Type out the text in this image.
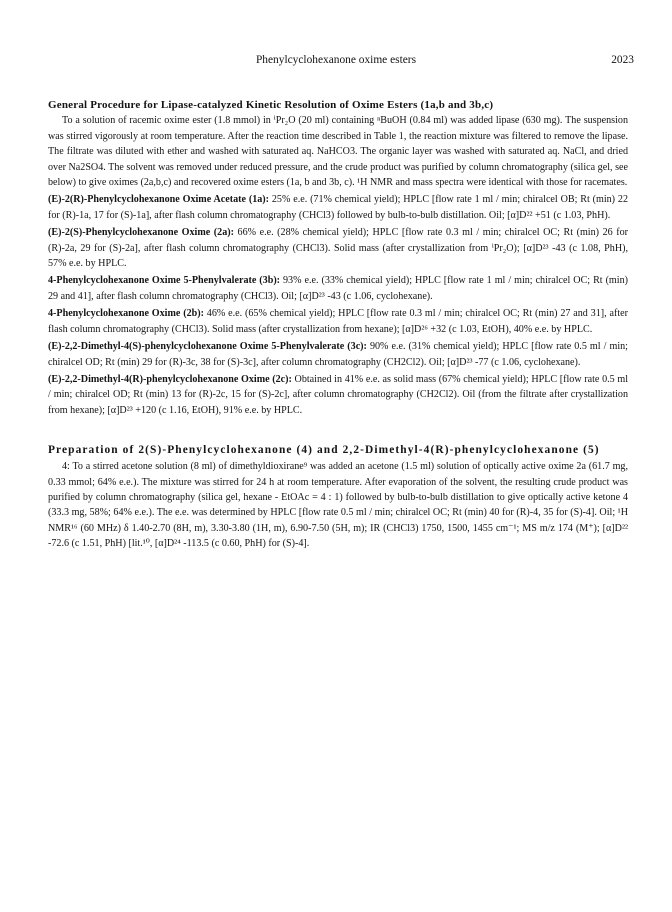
Phenylcyclohexanone oxime esters	2023

General Procedure for Lipase-catalyzed Kinetic Resolution of Oxime Esters (1a,b and 3b,c)

To a solution of racemic oxime ester (1.8 mmol) in ⁱPr₂O (20 ml) containing ⁿBuOH (0.84 ml) was added lipase (630 mg). The suspension was stirred vigorously at room temperature. After the reaction time described in Table 1, the reaction mixture was filtered to remove the lipase. The filtrate was diluted with ether and washed with saturated aq. NaHCO3. The organic layer was washed with saturated aq. NaCl, and dried over Na2SO4. The solvent was removed under reduced pressure, and the crude product was purified by column chromatography (silica gel, see below) to give oximes (2a,b,c) and recovered oxime esters (1a, b and 3b, c). ¹H NMR and mass spectra were identical with those for racemates.

(E)-2(R)-Phenylcyclohexanone Oxime Acetate (1a): 25% e.e. (71% chemical yield); HPLC [flow rate 1 ml / min; chiralcel OB; Rt (min) 22 for (R)-1a, 17 for (S)-1a], after flash column chromatography (CHCl3) followed by bulb-to-bulb distillation. Oil; [α]D²² +51 (c 1.03, PhH).

(E)-2(S)-Phenylcyclohexanone Oxime (2a): 66% e.e. (28% chemical yield); HPLC [flow rate 0.3 ml / min; chiralcel OC; Rt (min) 26 for (R)-2a, 29 for (S)-2a], after flash column chromatography (CHCl3). Solid mass (after crystallization from ⁱPr₂O); [α]D²³ -43 (c 1.08, PhH), 57% e.e. by HPLC.

4-Phenylcyclohexanone Oxime 5-Phenylvalerate (3b): 93% e.e. (33% chemical yield); HPLC [flow rate 1 ml / min; chiralcel OC; Rt (min) 29 and 41], after flash column chromatography (CHCl3). Oil; [α]D²³ -43 (c 1.06, cyclohexane).

4-Phenylcyclohexanone Oxime (2b): 46% e.e. (65% chemical yield); HPLC [flow rate 0.3 ml / min; chiralcel OC; Rt (min) 27 and 31], after flash column chromatography (CHCl3). Solid mass (after crystallization from hexane); [α]D²⁶ +32 (c 1.03, EtOH), 40% e.e. by HPLC.

(E)-2,2-Dimethyl-4(S)-phenylcyclohexanone Oxime 5-Phenylvalerate (3c): 90% e.e. (31% chemical yield); HPLC [flow rate 0.5 ml / min; chiralcel OD; Rt (min) 29 for (R)-3c, 38 for (S)-3c], after column chromatography (CH2Cl2). Oil; [α]D²³ -77 (c 1.06, cyclohexane).

(E)-2,2-Dimethyl-4(R)-phenylcyclohexanone Oxime (2c): Obtained in 41% e.e. as solid mass (67% chemical yield); HPLC [flow rate 0.5 ml / min; chiralcel OD; Rt (min) 13 for (R)-2c, 15 for (S)-2c], after column chromatography (CH2Cl2). Oil (from the filtrate after crystallization from hexane); [α]D²³ +120 (c 1.16, EtOH), 91% e.e. by HPLC.

Preparation of 2(S)-Phenylcyclohexanone (4) and 2,2-Dimethyl-4(R)-phenylcyclohexanone (5)

4: To a stirred acetone solution (8 ml) of dimethyldioxirane⁹ was added an acetone (1.5 ml) solution of optically active oxime 2a (61.7 mg, 0.33 mmol; 64% e.e.). The mixture was stirred for 24 h at room temperature. After evaporation of the solvent, the resulting crude product was purified by column chromatography (silica gel, hexane - EtOAc = 4 : 1) followed by bulb-to-bulb distillation to give optically active ketone 4 (33.3 mg, 58%; 64% e.e.). The e.e. was determined by HPLC [flow rate 0.5 ml / min; chiralcel OC; Rt (min) 40 for (R)-4, 35 for (S)-4]. Oil; ¹H NMR¹⁶ (60 MHz) δ 1.40-2.70 (8H, m), 3.30-3.80 (1H, m), 6.90-7.50 (5H, m); IR (CHCl3) 1750, 1500, 1455 cm⁻¹; MS m/z 174 (M⁺); [α]D²² -72.6 (c 1.51, PhH) [lit.¹⁰, [α]D²⁴ -113.5 (c 0.60, PhH) for (S)-4].
